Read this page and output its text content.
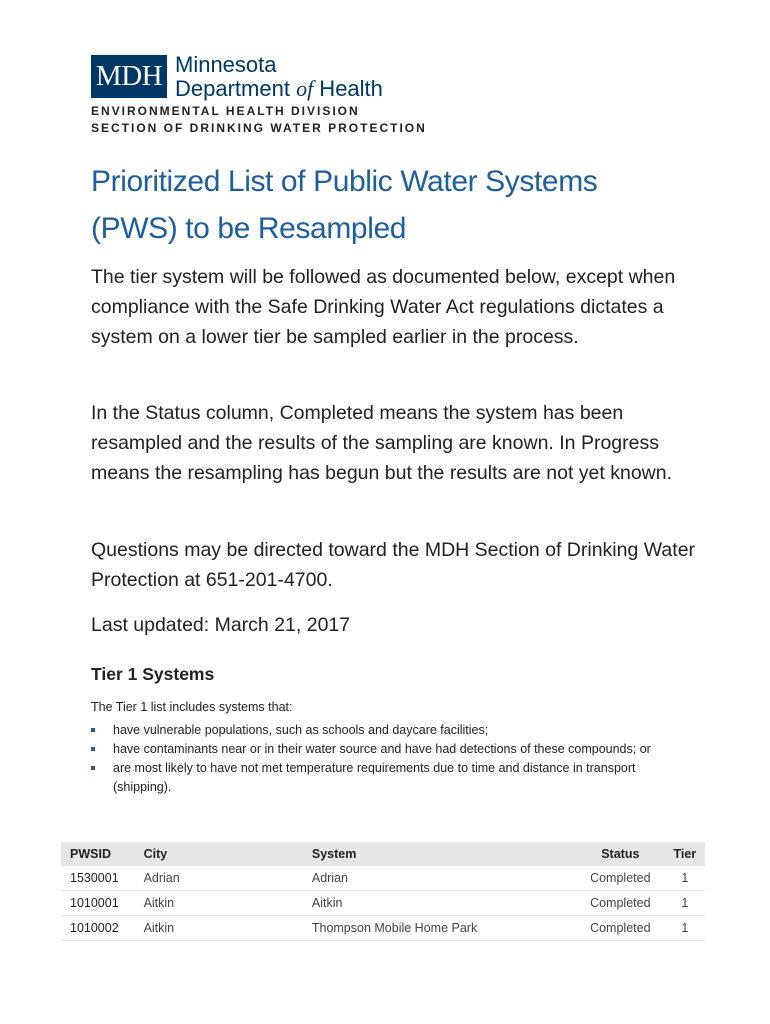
MDH Minnesota
Department of Health
ENVIRONMENTAL HEALTH DIVISION
SECTION OF DRINKING WATER PROTECTION
Prioritized List of Public Water Systems
(PWS) to be Resampled

The tier system will be followed as documented below, except when compliance with the Safe Drinking Water Act regulations dictates a system on a lower tier be sampled earlier in the process.

In the Status column, Completed means the system has been resampled and the results of the sampling are known. In Progress means the resampling has begun but the results are not yet known.

Questions may be directed toward the MDH Section of Drinking Water Protection at 651-201-4700.

Last updated: March 21, 2017

Tier 1 Systems

The Tier 1 list includes systems that:

have vulnerable populations, such as schools and daycare facilities;
have contaminants near or in their water source and have had detections of these compounds; or
are most likely to have not met temperature requirements due to time and distance in transport (shipping).
PWSID	City	System	Status	Tier
1530001	Adrian	Adrian	Completed	1
1010001	Aitkin	Aitkin	Completed	1
1010002	Aitkin	Thompson Mobile Home Park	Completed	1
